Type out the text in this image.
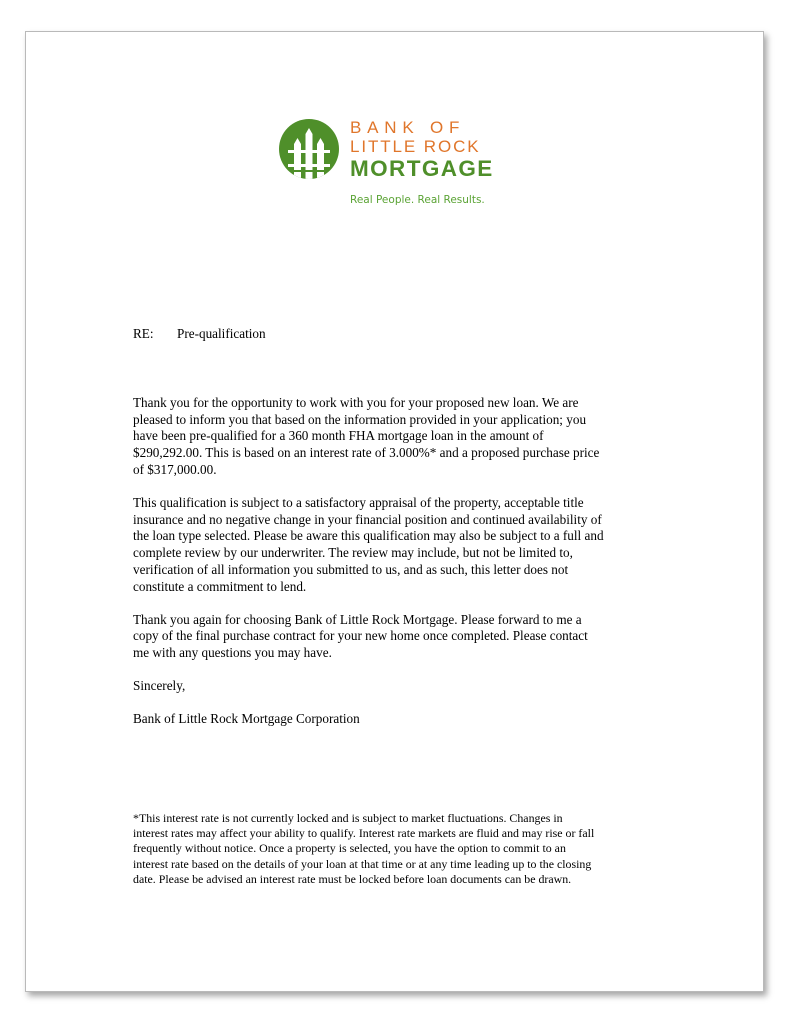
BANK OF
LITTLE ROCK
MORTGAGE
Real People. Real Results.

RE: Pre-qualification

Thank you for the opportunity to work with you for your proposed new loan. We are

pleased to inform you that based on the information provided in your application; you

have been pre-qualified for a 360 month FHA mortgage loan in the amount of

$290,292.00. This is based on an interest rate of 3.000%* and a proposed purchase price

of $317,000.00.

This qualification is subject to a satisfactory appraisal of the property, acceptable title

insurance and no negative change in your financial position and continued availability of

the loan type selected. Please be aware this qualification may also be subject to a full and

complete review by our underwriter. The review may include, but not be limited to,

verification of all information you submitted to us, and as such, this letter does not

constitute a commitment to lend.

Thank you again for choosing Bank of Little Rock Mortgage. Please forward to me a

copy of the final purchase contract for your new home once completed. Please contact

me with any questions you may have.

Sincerely,

Bank of Little Rock Mortgage Corporation

*This interest rate is not currently locked and is subject to market fluctuations. Changes in

interest rates may affect your ability to qualify. Interest rate markets are fluid and may rise or fall

frequently without notice. Once a property is selected, you have the option to commit to an

interest rate based on the details of your loan at that time or at any time leading up to the closing

date. Please be advised an interest rate must be locked before loan documents can be drawn.
